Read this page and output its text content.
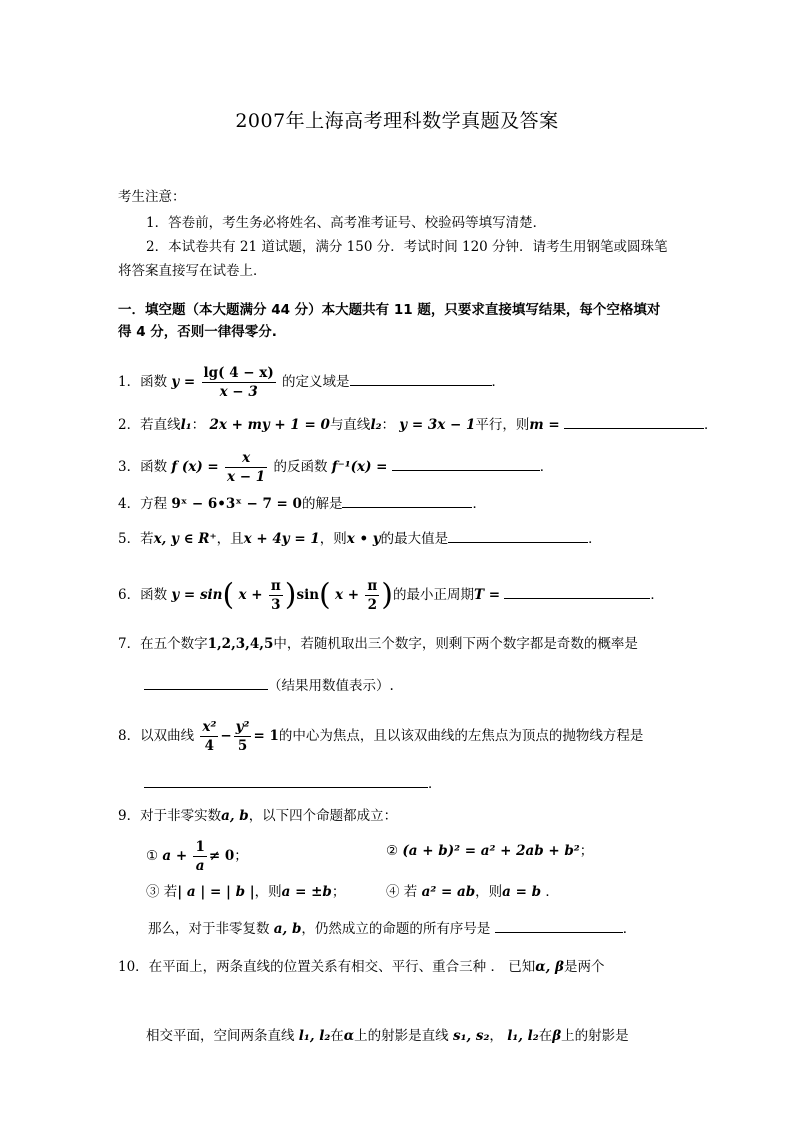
2007年上海高考理科数学真题及答案
考生注意：
1．答卷前，考生务必将姓名、高考准考证号、校验码等填写清楚．
2．本试卷共有 21 道试题，满分 150 分．考试时间 120 分钟．请考生用钢笔或圆珠笔
将答案直接写在试卷上．
一．填空题（本大题满分 44 分）本大题共有 11 题，只要求直接填写结果，每个空格填对
得 4 分，否则一律得零分.
1．函数 $y = \frac{\lg( 4 - x)}{x - 3}$ 的定义域是	．
2．若直线l₁： 2x + my + 1 = 0与直线l₂： y = 3x − 1平行，则m =	．
3．函数 f $(x) = \frac{x}{x - 1}$ 的反函数 f⁻¹(x) =	．
4．方程 9ˣ − 6•3ˣ − 7 = 0的解是	．
5．若x, y ∈ R⁺，且x + 4y = 1，则x • y的最大值是	．
6．函数 y = sin( $x + \frac{\pi}{3} )\sin$( $x + \frac{\pi}{2}$ )的最小正周期T =	．
7．在五个数字1,2,3,4,5中，若随机取出三个数字，则剩下两个数字都是奇数的概率是
（结果用数值表示）.
8．以双曲线 $\frac{\text{x²}}{4} - \frac{\text{y²}}{5} = 1$的中心为焦点，且以该双曲线的左焦点为顶点的抛物线方程是
．
9．对于非零实数a, b，以下四个命题都成立：
① $a + \frac{1}{a} \ne 0$；	② (a + b)² = a² + 2ab + b²；
③ 若| a | = | b |，则a = ±b；	④ 若 a² = ab，则a = b ．
那么，对于非零复数 a, b，仍然成立的命题的所有序号是	．
10．在平面上，两条直线的位置关系有相交、平行、重合三种 ． 已知α, β是两个
相交平面，空间两条直线 l₁, l₂在α上的射影是直线 s₁, s₂， l₁, l₂在β上的射影是
